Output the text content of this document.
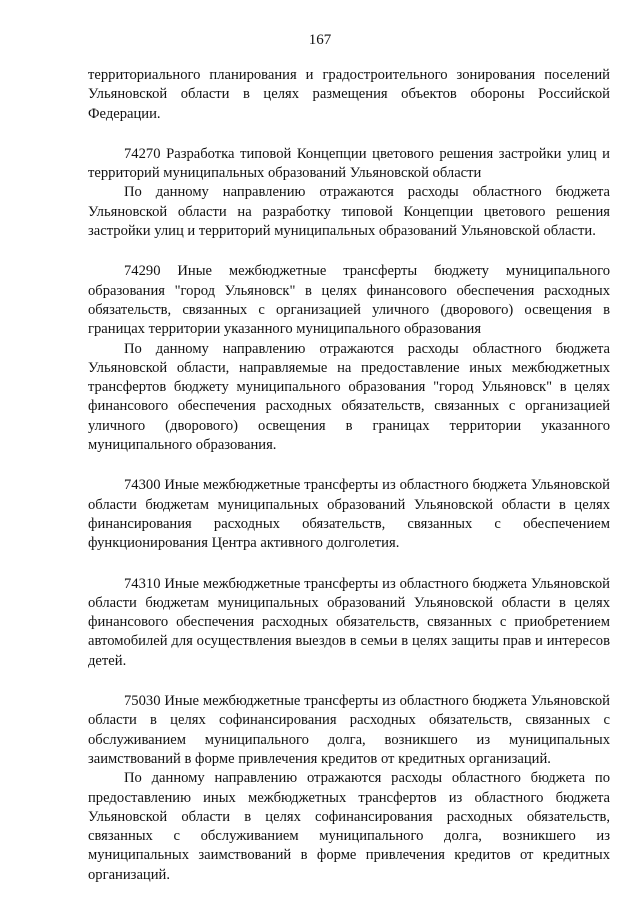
167

территориального планирования и градостроительного зонирования поселений Ульяновской области в целях размещения объектов обороны Российской Федерации.

74270 Разработка типовой Концепции цветового решения застройки улиц и территорий муниципальных образований Ульяновской области

По данному направлению отражаются расходы областного бюджета Ульяновской области на разработку типовой Концепции цветового решения застройки улиц и территорий муниципальных образований Ульяновской области.

74290 Иные межбюджетные трансферты бюджету муниципального образования "город Ульяновск" в целях финансового обеспечения расходных обязательств, связанных с организацией уличного (дворового) освещения в границах территории указанного муниципального образования

По данному направлению отражаются расходы областного бюджета Ульяновской области, направляемые на предоставление иных межбюджетных трансфертов бюджету муниципального образования "город Ульяновск" в целях финансового обеспечения расходных обязательств, связанных с организацией уличного (дворового) освещения в границах территории указанного муниципального образования.

74300 Иные межбюджетные трансферты из областного бюджета Ульяновской области бюджетам муниципальных образований Ульяновской области в целях финансирования расходных обязательств, связанных с обеспечением функционирования Центра активного долголетия.

74310 Иные межбюджетные трансферты из областного бюджета Ульяновской области бюджетам муниципальных образований Ульяновской области в целях финансового обеспечения расходных обязательств, связанных с приобретением автомобилей для осуществления выездов в семьи в целях защиты прав и интересов детей.

75030 Иные межбюджетные трансферты из областного бюджета Ульяновской области в целях софинансирования расходных обязательств, связанных с обслуживанием муниципального долга, возникшего из муниципальных заимствований в форме привлечения кредитов от кредитных организаций.

По данному направлению отражаются расходы областного бюджета по предоставлению иных межбюджетных трансфертов из областного бюджета Ульяновской области в целях софинансирования расходных обязательств, связанных с обслуживанием муниципального долга, возникшего из муниципальных заимствований в форме привлечения кредитов от кредитных организаций.
